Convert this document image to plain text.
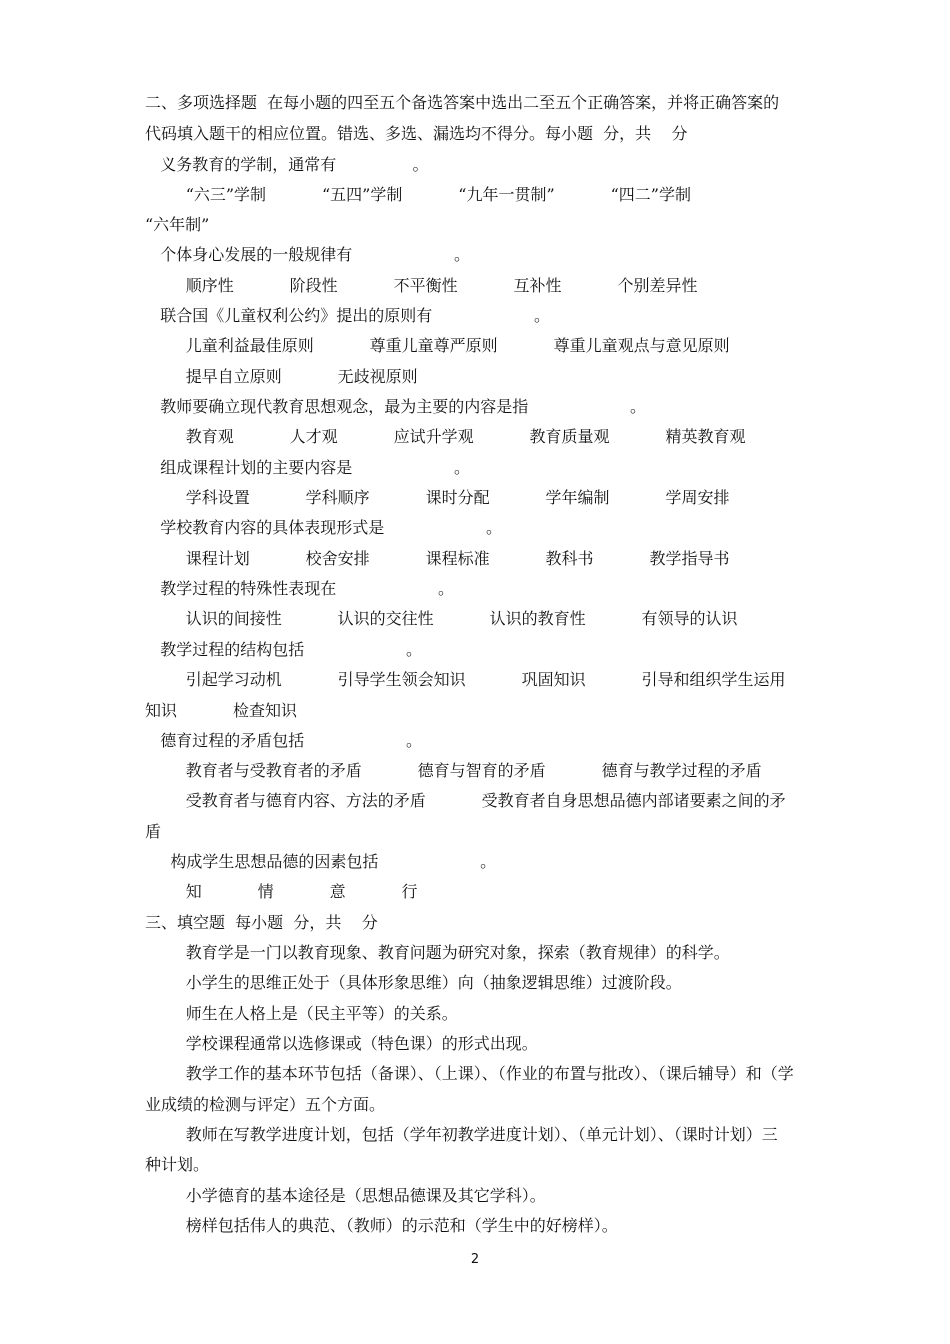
二、多项选择题  在每小题的四至五个备选答案中选出二至五个正确答案，并将正确答案的
代码填入题干的相应位置。错选、多选、漏选均不得分。每小题  分，共    分
义务教育的学制，通常有               。
“六三”学制           “五四”学制           “九年一贯制”           “四二”学制
“六年制”
个体身心发展的一般规律有                    。
顺序性           阶段性           不平衡性           互补性           个别差异性
联合国《儿童权利公约》提出的原则有                    。
儿童利益最佳原则           尊重儿童尊严原则           尊重儿童观点与意见原则
提早自立原则           无歧视原则
教师要确立现代教育思想观念，最为主要的内容是指                    。
教育观           人才观           应试升学观           教育质量观           精英教育观
组成课程计划的主要内容是                    。
学科设置           学科顺序           课时分配           学年编制           学周安排
学校教育内容的具体表现形式是                    。
课程计划           校舍安排           课程标准           教科书           教学指导书
教学过程的特殊性表现在                    。
认识的间接性           认识的交往性           认识的教育性           有领导的认识
教学过程的结构包括                    。
引起学习动机           引导学生领会知识           巩固知识           引导和组织学生运用
知识           检查知识
德育过程的矛盾包括                    。
教育者与受教育者的矛盾           德育与智育的矛盾           德育与教学过程的矛盾
受教育者与德育内容、方法的矛盾           受教育者自身思想品德内部诸要素之间的矛
盾
构成学生思想品德的因素包括                    。
知           情           意           行
三、填空题  每小题  分，共    分
教育学是一门以教育现象、教育问题为研究对象，探索（教育规律）的科学。
小学生的思维正处于（具体形象思维）向（抽象逻辑思维）过渡阶段。
师生在人格上是（民主平等）的关系。
学校课程通常以选修课或（特色课）的形式出现。
教学工作的基本环节包括（备课）、（上课）、（作业的布置与批改）、（课后辅导）和（学
业成绩的检测与评定）五个方面。
教师在写教学进度计划，包括（学年初教学进度计划）、（单元计划）、（课时计划）三
种计划。
小学德育的基本途径是（思想品德课及其它学科）。
榜样包括伟人的典范、（教师）的示范和（学生中的好榜样）。
2
